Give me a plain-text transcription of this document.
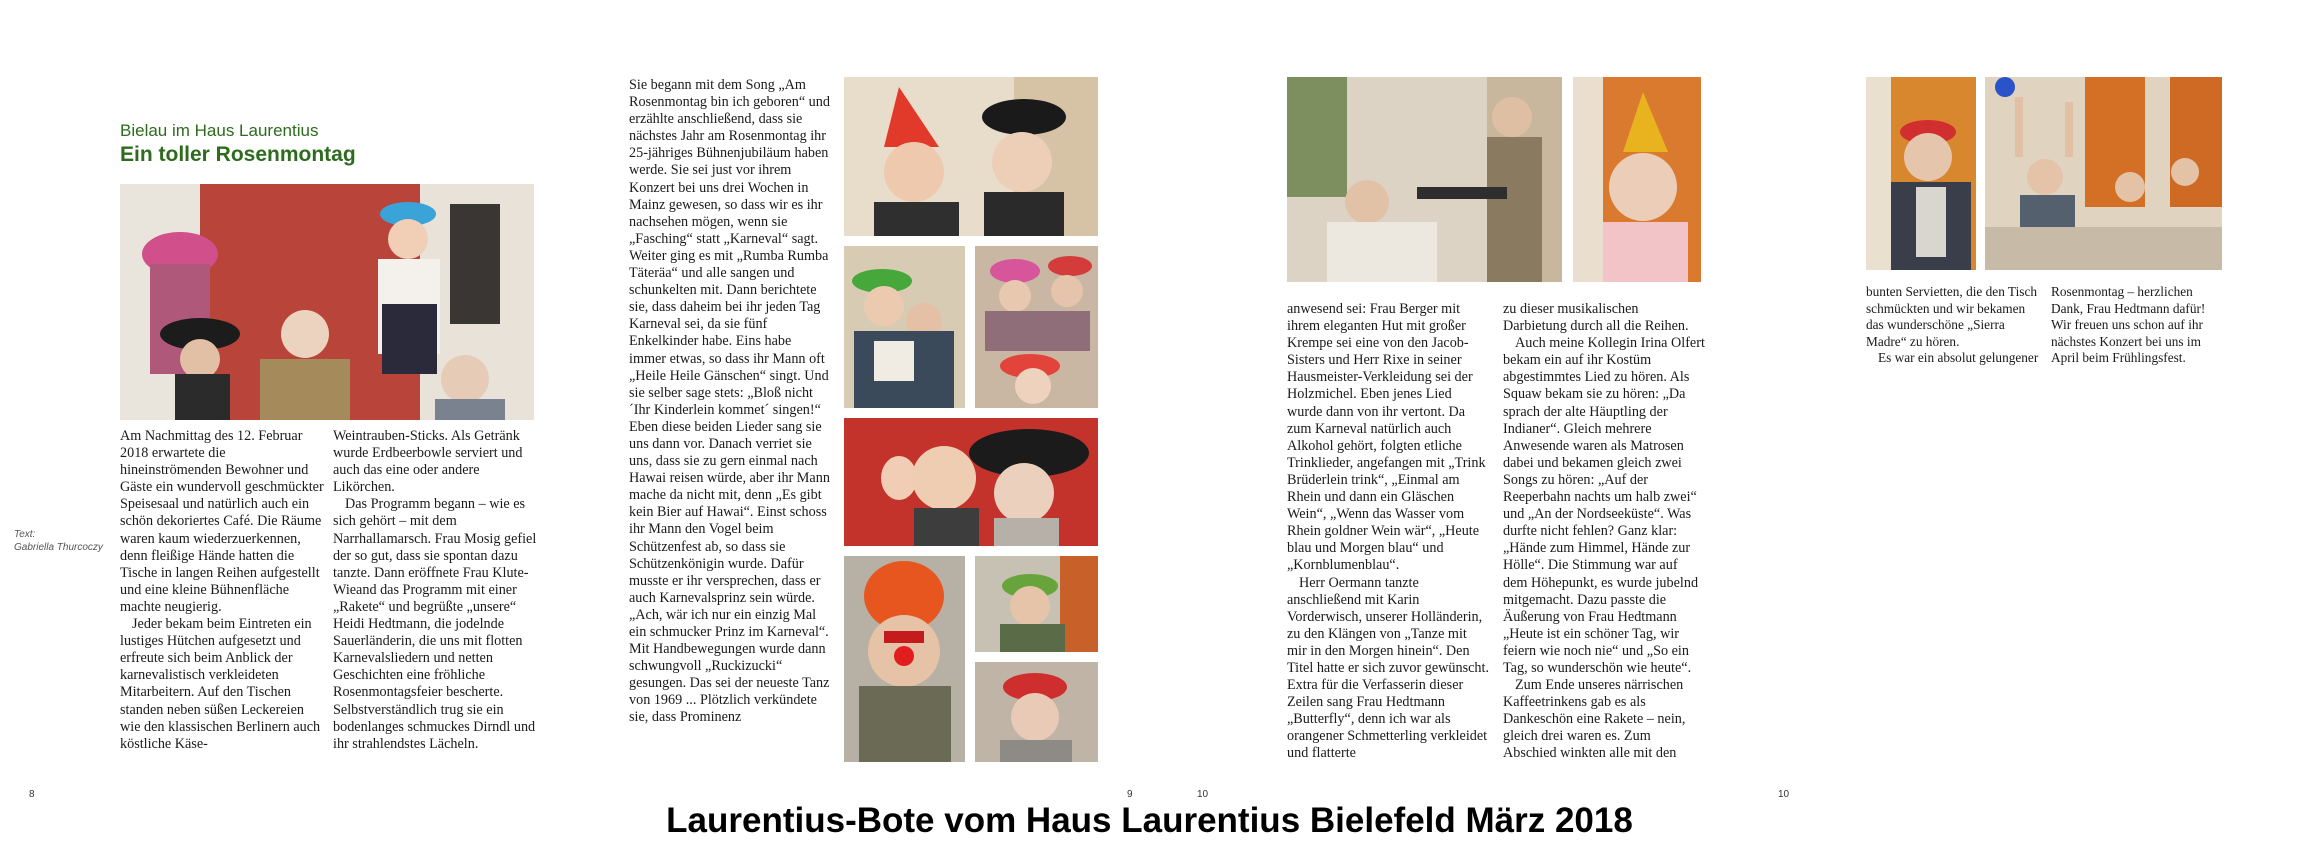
Bielau im Haus Laurentius
Ein toller Rosenmontag

Am Nachmittag des 12. Februar 2018 erwartete die hineinströmenden Bewohner und Gäste ein wundervoll geschmückter Speisesaal und natürlich auch ein schön dekoriertes Café. Die Räume waren kaum wiederzuerkennen, denn fleißige Hände hatten die Tische in langen Reihen aufgestellt und eine kleine Bühnenfläche machte neugierig.

Jeder bekam beim Eintreten ein lustiges Hütchen aufgesetzt und erfreute sich beim Anblick der karnevalistisch verkleideten Mitarbeitern. Auf den Tischen standen neben süßen Leckereien wie den klassischen Berlinern auch köstliche Käse-

Weintrauben-Sticks. Als Getränk wurde Erdbeerbowle serviert und auch das eine oder andere Likörchen.

Das Programm begann – wie es sich gehört – mit dem Narrhallamarsch. Frau Mosig gefiel der so gut, dass sie spontan dazu tanzte. Dann eröffnete Frau Klute-Wieand das Programm mit einer „Rakete“ und begrüßte „unsere“ Heidi Hedtmann, die jodelnde Sauerländerin, die uns mit flotten Karnevalsliedern und netten Geschichten eine fröhliche Rosenmontagsfeier bescherte. Selbstverständlich trug sie ein bodenlanges schmuckes Dirndl und ihr strahlendstes Lächeln.

Text:
Gabriella Thurcoczy
8

Sie begann mit dem Song „Am Rosenmontag bin ich geboren“ und erzählte anschließend, dass sie nächstes Jahr am Rosenmontag ihr 25-jähriges Bühnenjubiläum haben werde. Sie sei just vor ihrem Konzert bei uns drei Wochen in Mainz gewesen, so dass wir es ihr nachsehen mögen, wenn sie „Fasching“ statt „Karneval“ sagt. Weiter ging es mit „Rumba Rumba Täteräa“ und alle sangen und schunkelten mit. Dann berichtete sie, dass daheim bei ihr jeden Tag Karneval sei, da sie fünf Enkelkinder habe. Eins habe immer etwas, so dass ihr Mann oft „Heile Heile Gänschen“ singt. Und sie selber sage stets: „Bloß nicht ´Ihr Kinderlein kommet´ singen!“ Eben diese beiden Lieder sang sie uns dann vor. Danach verriet sie uns, dass sie zu gern einmal nach Hawai reisen würde, aber ihr Mann mache da nicht mit, denn „Es gibt kein Bier auf Hawai“. Einst schoss ihr Mann den Vogel beim Schützenfest ab, so dass sie Schützenkönigin wurde. Dafür musste er ihr versprechen, dass er auch Karnevalsprinz sein würde. „Ach, wär ich nur ein einzig Mal ein schmucker Prinz im Karneval“. Mit Handbewegungen wurde dann schwungvoll „Ruckizucki“ gesungen. Das sei der neueste Tanz von 1969 ... Plötzlich verkündete sie, dass Prominenz

9	10

anwesend sei: Frau Berger mit ihrem eleganten Hut mit großer Krempe sei eine von den Jacob-Sisters und Herr Rixe in seiner Hausmeister-Verkleidung sei der Holzmichel. Eben jenes Lied wurde dann von ihr vertont. Da zum Karneval natürlich auch Alkohol gehört, folgten etliche Trinklieder, angefangen mit „Trink Brüderlein trink“, „Einmal am Rhein und dann ein Gläschen Wein“, „Wenn das Wasser vom Rhein goldner Wein wär“, „Heute blau und Morgen blau“ und „Kornblumenblau“.

Herr Oermann tanzte anschließend mit Karin Vorderwisch, unserer Holländerin, zu den Klängen von „Tanze mit mir in den Morgen hinein“. Den Titel hatte er sich zuvor gewünscht. Extra für die Verfasserin dieser Zeilen sang Frau Hedtmann „Butterfly“, denn ich war als orangener Schmetterling verkleidet und flatterte

zu dieser musikalischen Darbietung durch all die Reihen.

Auch meine Kollegin Irina Olfert bekam ein auf ihr Kostüm abgestimmtes Lied zu hören. Als Squaw bekam sie zu hören: „Da sprach der alte Häuptling der Indianer“. Gleich mehrere Anwesende waren als Matrosen dabei und bekamen gleich zwei Songs zu hören: „Auf der Reeperbahn nachts um halb zwei“ und „An der Nordseeküste“. Was durfte nicht fehlen? Ganz klar: „Hände zum Himmel, Hände zur Hölle“. Die Stimmung war auf dem Höhepunkt, es wurde jubelnd mitgemacht. Dazu passte die Äußerung von Frau Hedtmann „Heute ist ein schöner Tag, wir feiern wie noch nie“ und „So ein Tag, so wunderschön wie heute“.

Zum Ende unseres närrischen Kaffeetrinkens gab es als Dankeschön eine Rakete – nein, gleich drei waren es. Zum Abschied winkten alle mit den

10

bunten Servietten, die den Tisch schmückten und wir bekamen das wunderschöne „Sierra Madre“ zu hören.

Es war ein absolut gelungener

Rosenmontag – herzlichen Dank, Frau Hedtmann dafür! Wir freuen uns schon auf ihr nächstes Konzert bei uns im April beim Frühlingsfest.

Laurentius-Bote vom Haus Laurentius Bielefeld März 2018
